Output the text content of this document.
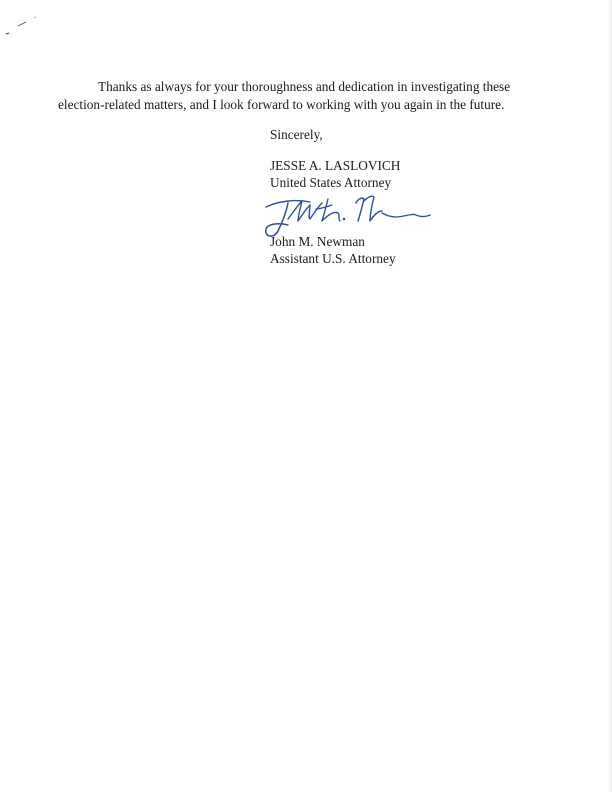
Thanks as always for your thoroughness and dedication in investigating these
election-related matters, and I look forward to working with you again in the future.

Sincerely,
JESSE A. LASLOVICH
United States Attorney
John M. Newman
Assistant U.S. Attorney
